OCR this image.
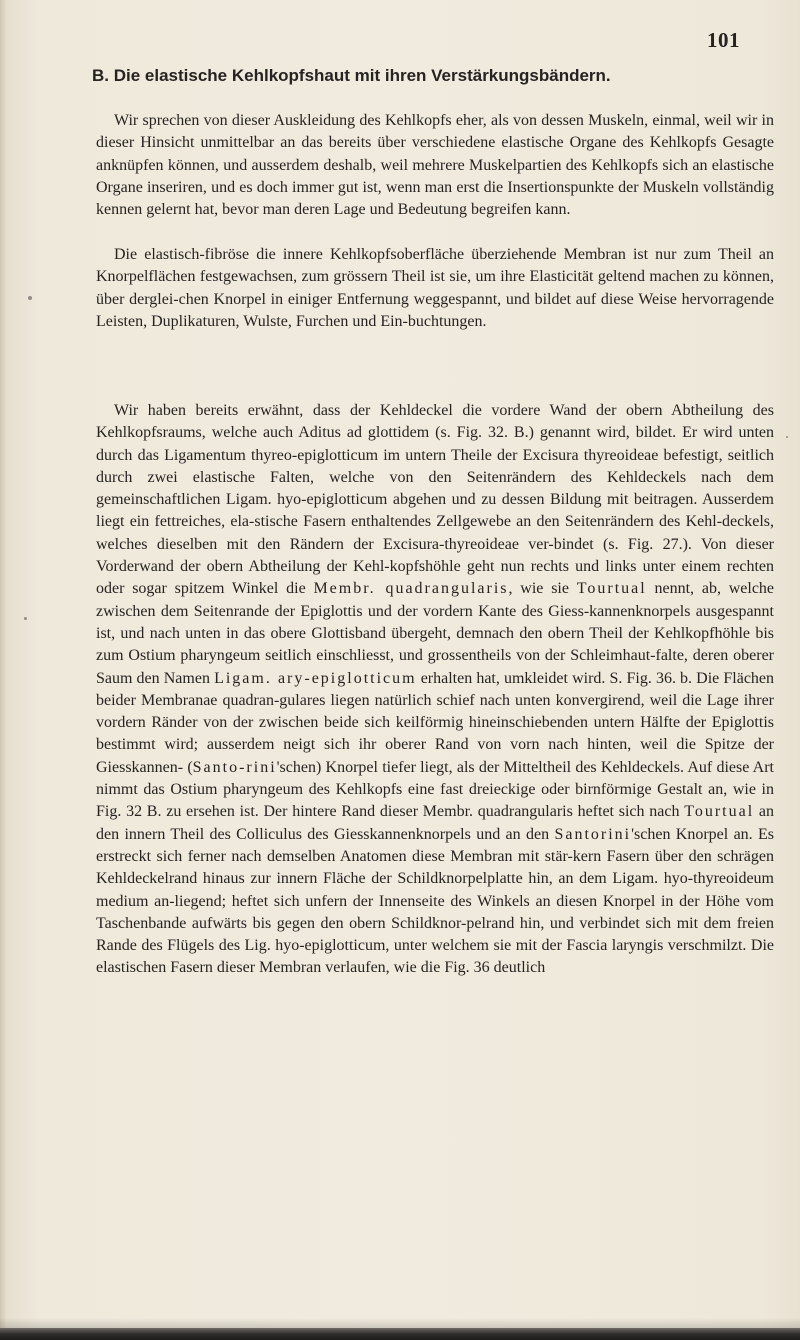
101
B. Die elastische Kehlkopfshaut mit ihren Verstärkungsbändern.

Wir sprechen von dieser Auskleidung des Kehlkopfs eher, als von dessen Muskeln, einmal, weil wir in dieser Hinsicht unmittelbar an das bereits über verschiedene elastische Organe des Kehlkopfs Gesagte anknüpfen können, und ausserdem deshalb, weil mehrere Muskelpartien des Kehlkopfs sich an elastische Organe inseriren, und es doch immer gut ist, wenn man erst die Insertionspunkte der Muskeln vollständig kennen gelernt hat, bevor man deren Lage und Bedeutung begreifen kann.

Die elastisch-fibröse die innere Kehlkopfsoberfläche überziehende Membran ist nur zum Theil an Knorpelflächen festgewachsen, zum grössern Theil ist sie, um ihre Elasticität geltend machen zu können, über derglei-chen Knorpel in einiger Entfernung weggespannt, und bildet auf diese Weise hervorragende Leisten, Duplikaturen, Wulste, Furchen und Ein-buchtungen.

Wir haben bereits erwähnt, dass der Kehldeckel die vordere Wand der obern Abtheilung des Kehlkopfsraums, welche auch Aditus ad glottidem (s. Fig. 32. B.) genannt wird, bildet. Er wird unten durch das Ligamentum thyreo-epiglotticum im untern Theile der Excisura thyreoideae befestigt, seitlich durch zwei elastische Falten, welche von den Seitenrändern des Kehldeckels nach dem gemeinschaftlichen Ligam. hyo-epiglotticum abgehen und zu dessen Bildung mit beitragen. Ausserdem liegt ein fettreiches, ela-stische Fasern enthaltendes Zellgewebe an den Seitenrändern des Kehl-deckels, welches dieselben mit den Rändern der Excisura-thyreoideae ver-bindet (s. Fig. 27.). Von dieser Vorderwand der obern Abtheilung der Kehl-kopfshöhle geht nun rechts und links unter einem rechten oder sogar spitzem Winkel die Membr. quadrangularis, wie sie Tourtual nennt, ab, welche zwischen dem Seitenrande der Epiglottis und der vordern Kante des Giess-kannenknorpels ausgespannt ist, und nach unten in das obere Glottisband übergeht, demnach den obern Theil der Kehlkopfhöhle bis zum Ostium pharyngeum seitlich einschliesst, und grossentheils von der Schleimhaut-falte, deren oberer Saum den Namen Ligam. ary-epiglotticum erhalten hat, umkleidet wird. S. Fig. 36. b. Die Flächen beider Membranae quadran-gulares liegen natürlich schief nach unten konvergirend, weil die Lage ihrer vordern Ränder von der zwischen beide sich keilförmig hineinschiebenden untern Hälfte der Epiglottis bestimmt wird; ausserdem neigt sich ihr oberer Rand von vorn nach hinten, weil die Spitze der Giesskannen- (Santo-rini'schen) Knorpel tiefer liegt, als der Mitteltheil des Kehldeckels. Auf diese Art nimmt das Ostium pharyngeum des Kehlkopfs eine fast dreieckige oder birnförmige Gestalt an, wie in Fig. 32 B. zu ersehen ist. Der hintere Rand dieser Membr. quadrangularis heftet sich nach Tourtual an den innern Theil des Colliculus des Giesskannenknorpels und an den Santorini'schen Knorpel an. Es erstreckt sich ferner nach demselben Anatomen diese Membran mit stär-kern Fasern über den schrägen Kehldeckelrand hinaus zur innern Fläche der Schildknorpelplatte hin, an dem Ligam. hyo-thyreoideum medium an-liegend; heftet sich unfern der Innenseite des Winkels an diesen Knorpel in der Höhe vom Taschenbande aufwärts bis gegen den obern Schildknor-pelrand hin, und verbindet sich mit dem freien Rande des Flügels des Lig. hyo-epiglotticum, unter welchem sie mit der Fascia laryngis verschmilzt. Die elastischen Fasern dieser Membran verlaufen, wie die Fig. 36 deutlich
